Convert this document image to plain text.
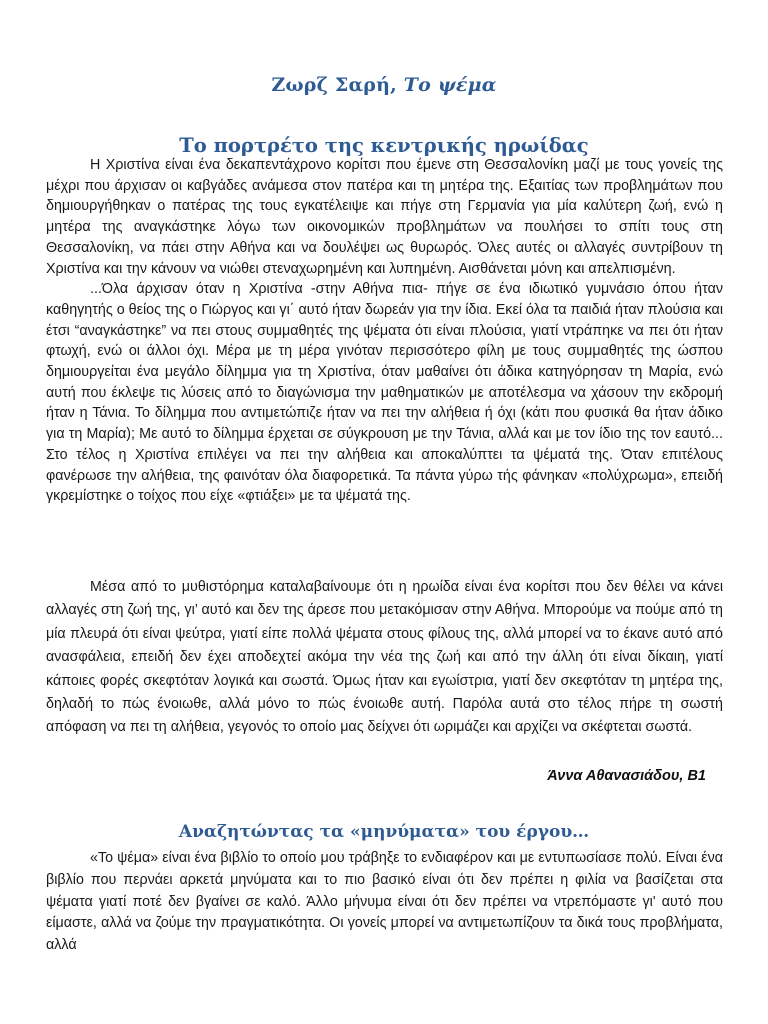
Ζωρζ Σαρή, Το ψέμα
Το πορτρέτο της κεντρικής ηρωίδας

Η Χριστίνα είναι ένα δεκαπεντάχρονο κορίτσι που έμενε στη Θεσσαλονίκη μαζί με τους γονείς της μέχρι που άρχισαν οι καβγάδες ανάμεσα στον πατέρα και τη μητέρα της. Εξαιτίας των προβλημάτων που δημιουργήθηκαν ο πατέρας της τους εγκατέλειψε και πήγε στη Γερμανία για μία καλύτερη ζωή, ενώ η μητέρα της αναγκάστηκε λόγω των οικονομικών προβλημάτων να πουλήσει το σπίτι τους στη Θεσσαλονίκη, να πάει στην Αθήνα και να δουλέψει ως θυρωρός. Όλες αυτές οι αλλαγές συντρίβουν τη Χριστίνα και την κάνουν να νιώθει στεναχωρημένη και λυπημένη. Αισθάνεται μόνη και απελπισμένη.

...Όλα άρχισαν όταν η Χριστίνα -στην Αθήνα πια- πήγε σε ένα ιδιωτικό γυμνάσιο όπου ήταν καθηγητής ο θείος της ο Γιώργος και γι΄ αυτό ήταν δωρεάν για την ίδια. Εκεί όλα τα παιδιά ήταν πλούσια και έτσι “αναγκάστηκε” να πει στους συμμαθητές της ψέματα ότι είναι πλούσια, γιατί ντράπηκε να πει ότι ήταν φτωχή, ενώ οι άλλοι όχι. Μέρα με τη μέρα γινόταν περισσότερο φίλη με τους συμμαθητές της ώσπου δημιουργείται ένα μεγάλο δίλημμα για τη Χριστίνα, όταν μαθαίνει ότι άδικα κατηγόρησαν τη Μαρία, ενώ αυτή που έκλεψε τις λύσεις από το διαγώνισμα την μαθηματικών με αποτέλεσμα να χάσουν την εκδρομή ήταν η Τάνια. Το δίλημμα που αντιμετώπιζε ήταν να πει την αλήθεια ή όχι (κάτι που φυσικά θα ήταν άδικο για τη Μαρία); Με αυτό το δίλημμα έρχεται σε σύγκρουση με την Τάνια, αλλά και με τον ίδιο της τον εαυτό... Στο τέλος η Χριστίνα επιλέγει να πει την αλήθεια και αποκαλύπτει τα ψέματά της. Όταν επιτέλους φανέρωσε την αλήθεια, της φαινόταν όλα διαφορετικά. Τα πάντα γύρω τής φάνηκαν «πολύχρωμα», επειδή γκρεμίστηκε ο τοίχος που είχε «φτιάξει» με τα ψέματά της.

Μέσα από το μυθιστόρημα καταλαβαίνουμε ότι η ηρωίδα είναι ένα κορίτσι που δεν θέλει να κάνει αλλαγές στη ζωή της, γι’ αυτό και δεν της άρεσε που μετακόμισαν στην Αθήνα. Μπορούμε να πούμε από τη μία πλευρά ότι είναι ψεύτρα, γιατί είπε πολλά ψέματα στους φίλους της, αλλά μπορεί να το έκανε αυτό από ανασφάλεια, επειδή δεν έχει αποδεχτεί ακόμα την νέα της ζωή και από την άλλη ότι είναι δίκαιη, γιατί κάποιες φορές σκεφτόταν λογικά και σωστά. Όμως ήταν και εγωίστρια, γιατί δεν σκεφτόταν τη μητέρα της, δηλαδή το πώς ένοιωθε, αλλά μόνο το πώς ένοιωθε αυτή. Παρόλα αυτά στο τέλος πήρε τη σωστή απόφαση να πει τη αλήθεια, γεγονός το οποίο μας δείχνει ότι ωριμάζει και αρχίζει να σκέφτεται σωστά.

Άννα Αθανασιάδου, Β1
Αναζητώντας τα «μηνύματα» του έργου…

«Το ψέμα» είναι ένα βιβλίο το οποίο μου τράβηξε το ενδιαφέρον και με εντυπωσίασε πολύ. Είναι ένα βιβλίο που περνάει αρκετά μηνύματα και το πιο βασικό είναι ότι δεν πρέπει η φιλία να βασίζεται στα ψέματα γιατί ποτέ δεν βγαίνει σε καλό. Άλλο μήνυμα είναι ότι δεν πρέπει να ντρεπόμαστε γι' αυτό που είμαστε, αλλά να ζούμε την πραγματικότητα. Οι γονείς μπορεί να αντιμετωπίζουν τα δικά τους προβλήματα, αλλά
